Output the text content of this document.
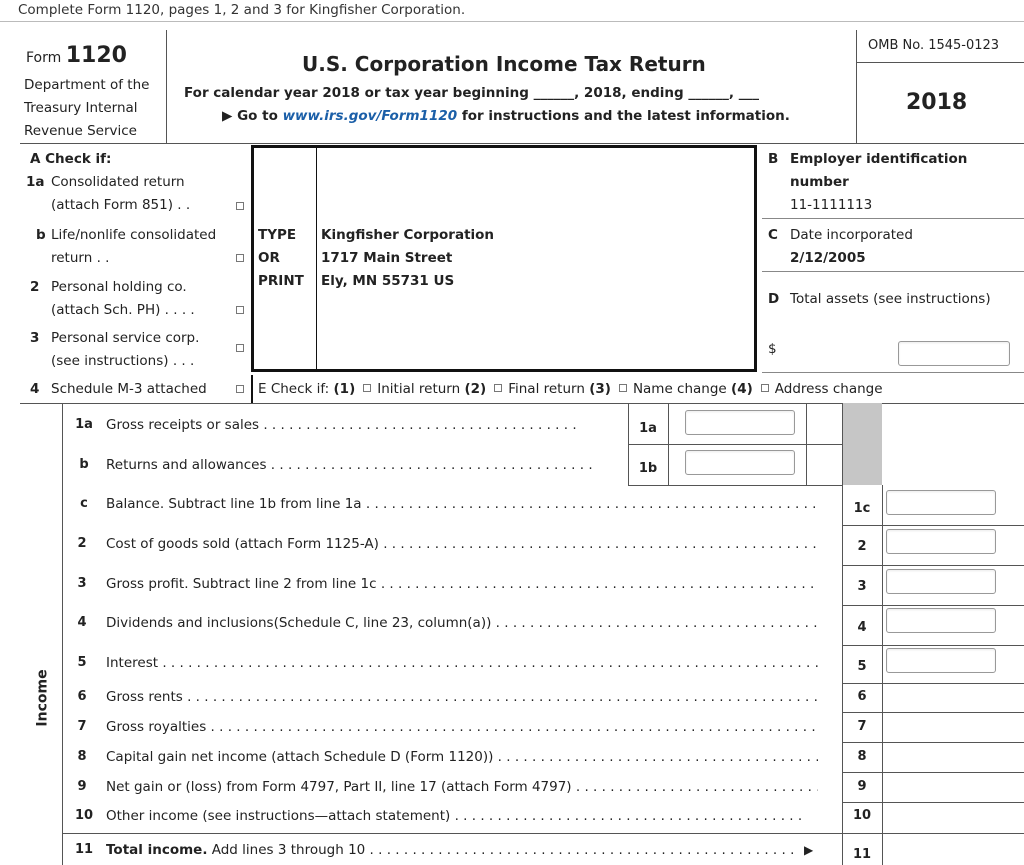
Complete Form 1120, pages 1, 2 and 3 for Kingfisher Corporation.
Form 1120
Department of the
Treasury Internal
Revenue Service
U.S. Corporation Income Tax Return
For calendar year 2018 or tax year beginning ______, 2018, ending ______, ___
▶ Go to www.irs.gov/Form1120 for instructions and the latest information.
OMB No. 1545-0123
2018
A Check if:
1a Consolidated return
(attach Form 851) . .
b Life/nonlife consolidated
return . .
2 Personal holding co.
(attach Sch. PH) . . . .
3 Personal service corp.
(see instructions) . . .
4 Schedule M-3 attached
TYPE
OR
PRINT
Kingfisher Corporation
1717 Main Street
Ely, MN 55731 US
B Employer identification
number
11-1111113
C Date incorporated
2/12/2005
D Total assets (see instructions)
$
E Check if: (1) Initial return (2) Final return (3) Name change (4) Address change
Income
1a Gross receipts or sales . . .	1a
b Returns and allowances . . .	1b
c	Balance. Subtract line 1b from line 1a . . .	1c
2 Cost of goods sold (attach Form 1125-A) . . .	2
3 Gross profit. Subtract line 2 from line 1c . . .	3
4 Dividends and inclusions(Schedule C, line 23, column(a)) . . .	4
5 Interest . . .	5
6 Gross rents . . .	6
7 Gross royalties . . .	7
8 Capital gain net income (attach Schedule D (Form 1120)) . . .	8
9 Net gain or (loss) from Form 4797, Part II, line 17 (attach Form 4797) . . .	9
10 Other income (see instructions—attach statement) . . .	10
11 Total income. Add lines 3 through 10 . . .	▶	11
